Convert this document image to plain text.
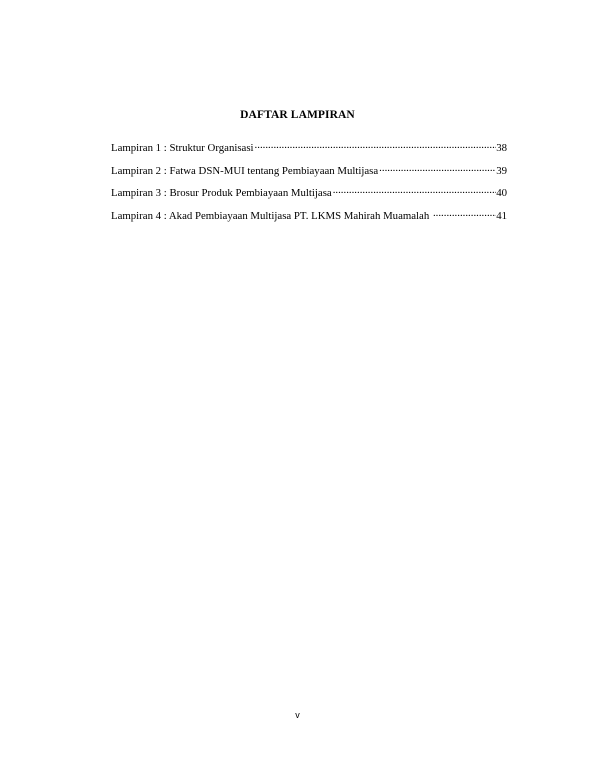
DAFTAR LAMPIRAN
Lampiran 1 : Struktur Organisasi .....	38
Lampiran 2 : Fatwa DSN-MUI tentang Pembiayaan Multijasa .....	39
Lampiran 3 : Brosur Produk Pembiayaan Multijasa .....	40
Lampiran 4 : Akad Pembiayaan Multijasa PT. LKMS Mahirah Muamalah .....	41
v
